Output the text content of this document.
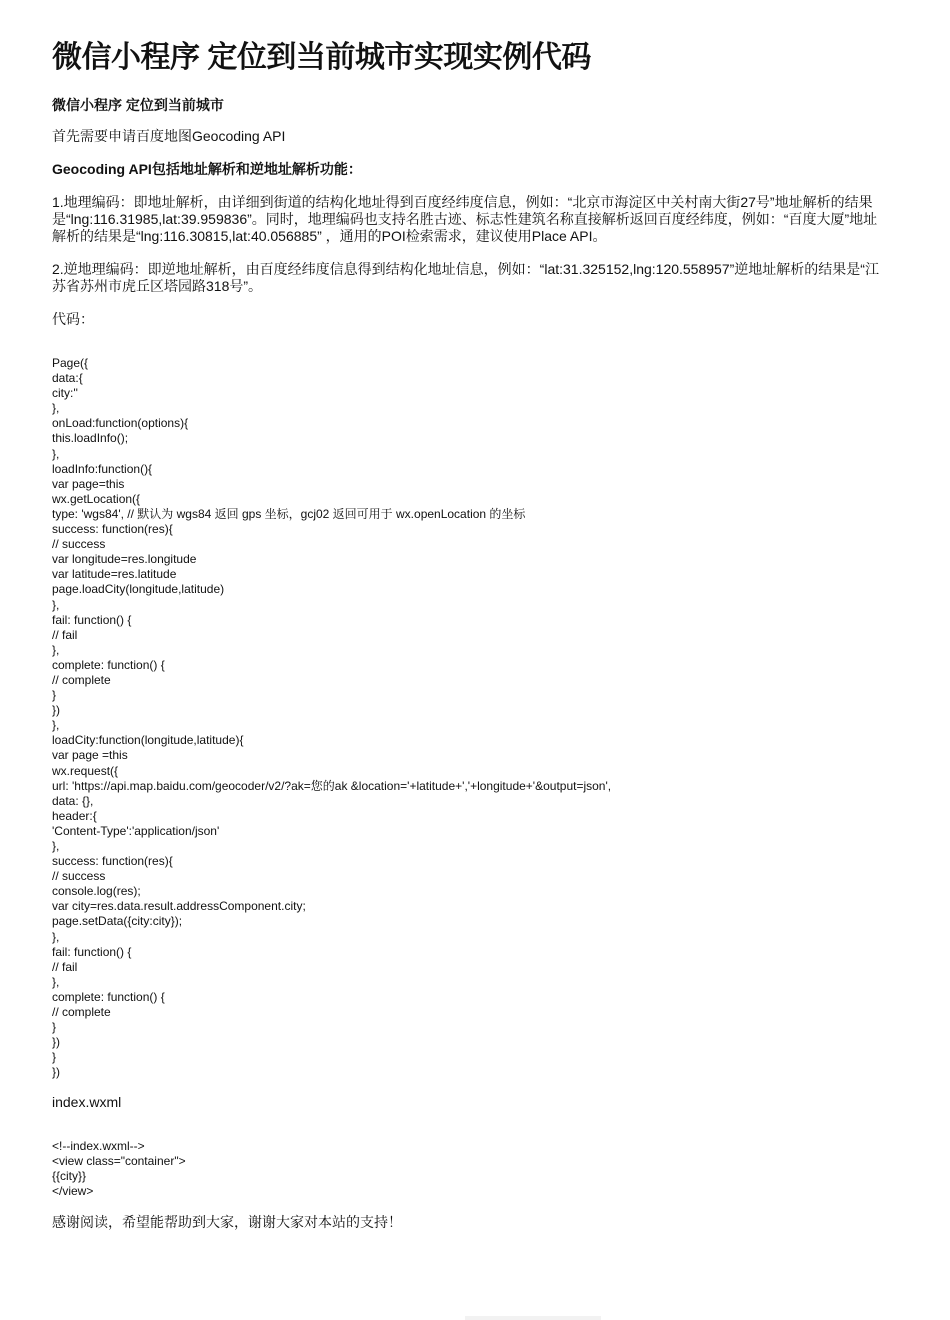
微信小程序 定位到当前城市实现实例代码
微信小程序 定位到当前城市

首先需要申请百度地图Geocoding API

Geocoding API包括地址解析和逆地址解析功能：

1.地理编码：即地址解析，由详细到街道的结构化地址得到百度经纬度信息，例如：“北京市海淀区中关村南大街27号”地址解析的结果是“lng:116.31985,lat:39.959836”。同时，地理编码也支持名胜古迹、标志性建筑名称直接解析返回百度经纬度，例如：“百度大厦”地址解析的结果是“lng:116.30815,lat:40.056885” ，通用的POI检索需求，建议使用Place API。

2.逆地理编码：即逆地址解析，由百度经纬度信息得到结构化地址信息，例如：“lat:31.325152,lng:120.558957”逆地址解析的结果是“江苏省苏州市虎丘区塔园路318号”。

代码：

Page({
data:{
city:''
},
onLoad:function(options){
this.loadInfo();
},
loadInfo:function(){
var page=this
wx.getLocation({
type: 'wgs84', // 默认为 wgs84 返回 gps 坐标，gcj02 返回可用于 wx.openLocation 的坐标
success: function(res){
// success
var longitude=res.longitude
var latitude=res.latitude
page.loadCity(longitude,latitude)
},
fail: function() {
// fail
},
complete: function() {
// complete
}
})
},
loadCity:function(longitude,latitude){
var page =this
wx.request({
url: 'https://api.map.baidu.com/geocoder/v2/?ak=您的ak &location='+latitude+','+longitude+'&output=json',
data: {},
header:{
'Content-Type':'application/json'
},
success: function(res){
// success
console.log(res);
var city=res.data.result.addressComponent.city;
page.setData({city:city});
},
fail: function() {
// fail
},
complete: function() {
// complete
}
})
}
})
index.wxml
<!--index.wxml-->
<view class="container">
{{city}}
</view>
感谢阅读，希望能帮助到大家，谢谢大家对本站的支持！
